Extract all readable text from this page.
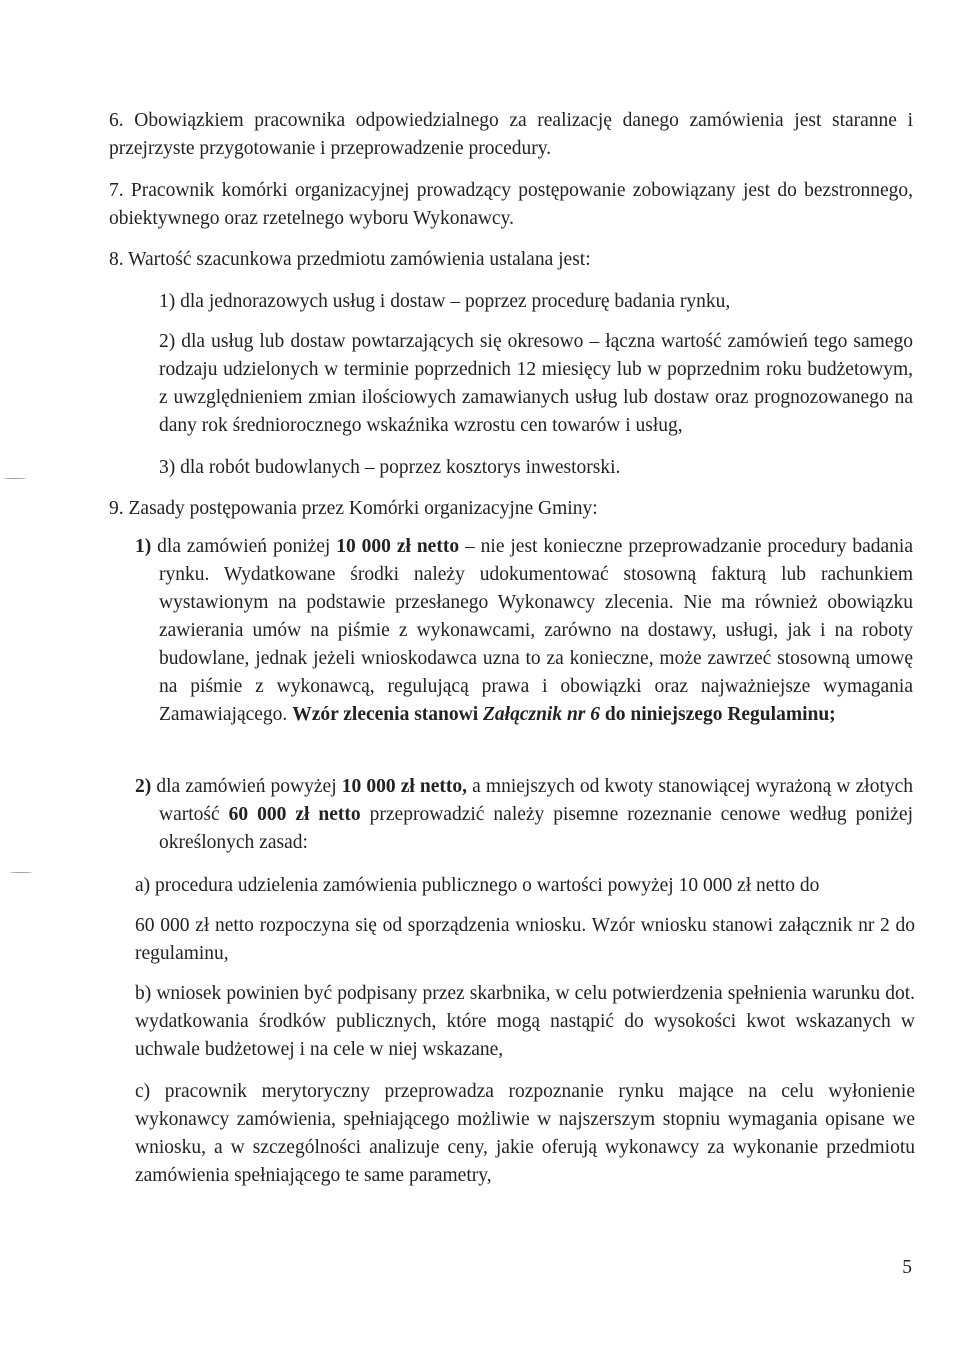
6. Obowiązkiem pracownika odpowiedzialnego za realizację danego zamówienia jest staranne i przejrzyste przygotowanie i przeprowadzenie procedury.

7. Pracownik komórki organizacyjnej prowadzący postępowanie zobowiązany jest do bezstronnego, obiektywnego oraz rzetelnego wyboru Wykonawcy.

8. Wartość szacunkowa przedmiotu zamówienia ustalana jest:

1) dla jednorazowych usług i dostaw – poprzez procedurę badania rynku,

2) dla usług lub dostaw powtarzających się okresowo – łączna wartość zamówień tego samego rodzaju udzielonych w terminie poprzednich 12 miesięcy lub w poprzednim roku budżetowym, z uwzględnieniem zmian ilościowych zamawianych usług lub dostaw oraz prognozowanego na dany rok średniorocznego wskaźnika wzrostu cen towarów i usług,

3) dla robót budowlanych – poprzez kosztorys inwestorski.

9. Zasady postępowania przez Komórki organizacyjne Gminy:

1) dla zamówień poniżej 10 000 zł netto – nie jest konieczne przeprowadzanie procedury badania rynku. Wydatkowane środki należy udokumentować stosowną fakturą lub rachunkiem wystawionym na podstawie przesłanego Wykonawcy zlecenia. Nie ma również obowiązku zawierania umów na piśmie z wykonawcami, zarówno na dostawy, usługi, jak i na roboty budowlane, jednak jeżeli wnioskodawca uzna to za konieczne, może zawrzeć stosowną umowę na piśmie z wykonawcą, regulującą prawa i obowiązki oraz najważniejsze wymagania Zamawiającego. Wzór zlecenia stanowi Załącznik nr 6 do niniejszego Regulaminu;

2) dla zamówień powyżej 10 000 zł netto, a mniejszych od kwoty stanowiącej wyrażoną w złotych wartość 60 000 zł netto przeprowadzić należy pisemne rozeznanie cenowe według poniżej określonych zasad:

a) procedura udzielenia zamówienia publicznego o wartości powyżej 10 000 zł netto do

60 000 zł netto rozpoczyna się od sporządzenia wniosku. Wzór wniosku stanowi załącznik nr 2 do regulaminu,

b) wniosek powinien być podpisany przez skarbnika, w celu potwierdzenia spełnienia warunku dot. wydatkowania środków publicznych, które mogą nastąpić do wysokości kwot wskazanych w uchwale budżetowej i na cele w niej wskazane,

c) pracownik merytoryczny przeprowadza rozpoznanie rynku mające na celu wyłonienie wykonawcy zamówienia, spełniającego możliwie w najszerszym stopniu wymagania opisane we wniosku, a w szczególności analizuje ceny, jakie oferują wykonawcy za wykonanie przedmiotu zamówienia spełniającego te same parametry,

5
